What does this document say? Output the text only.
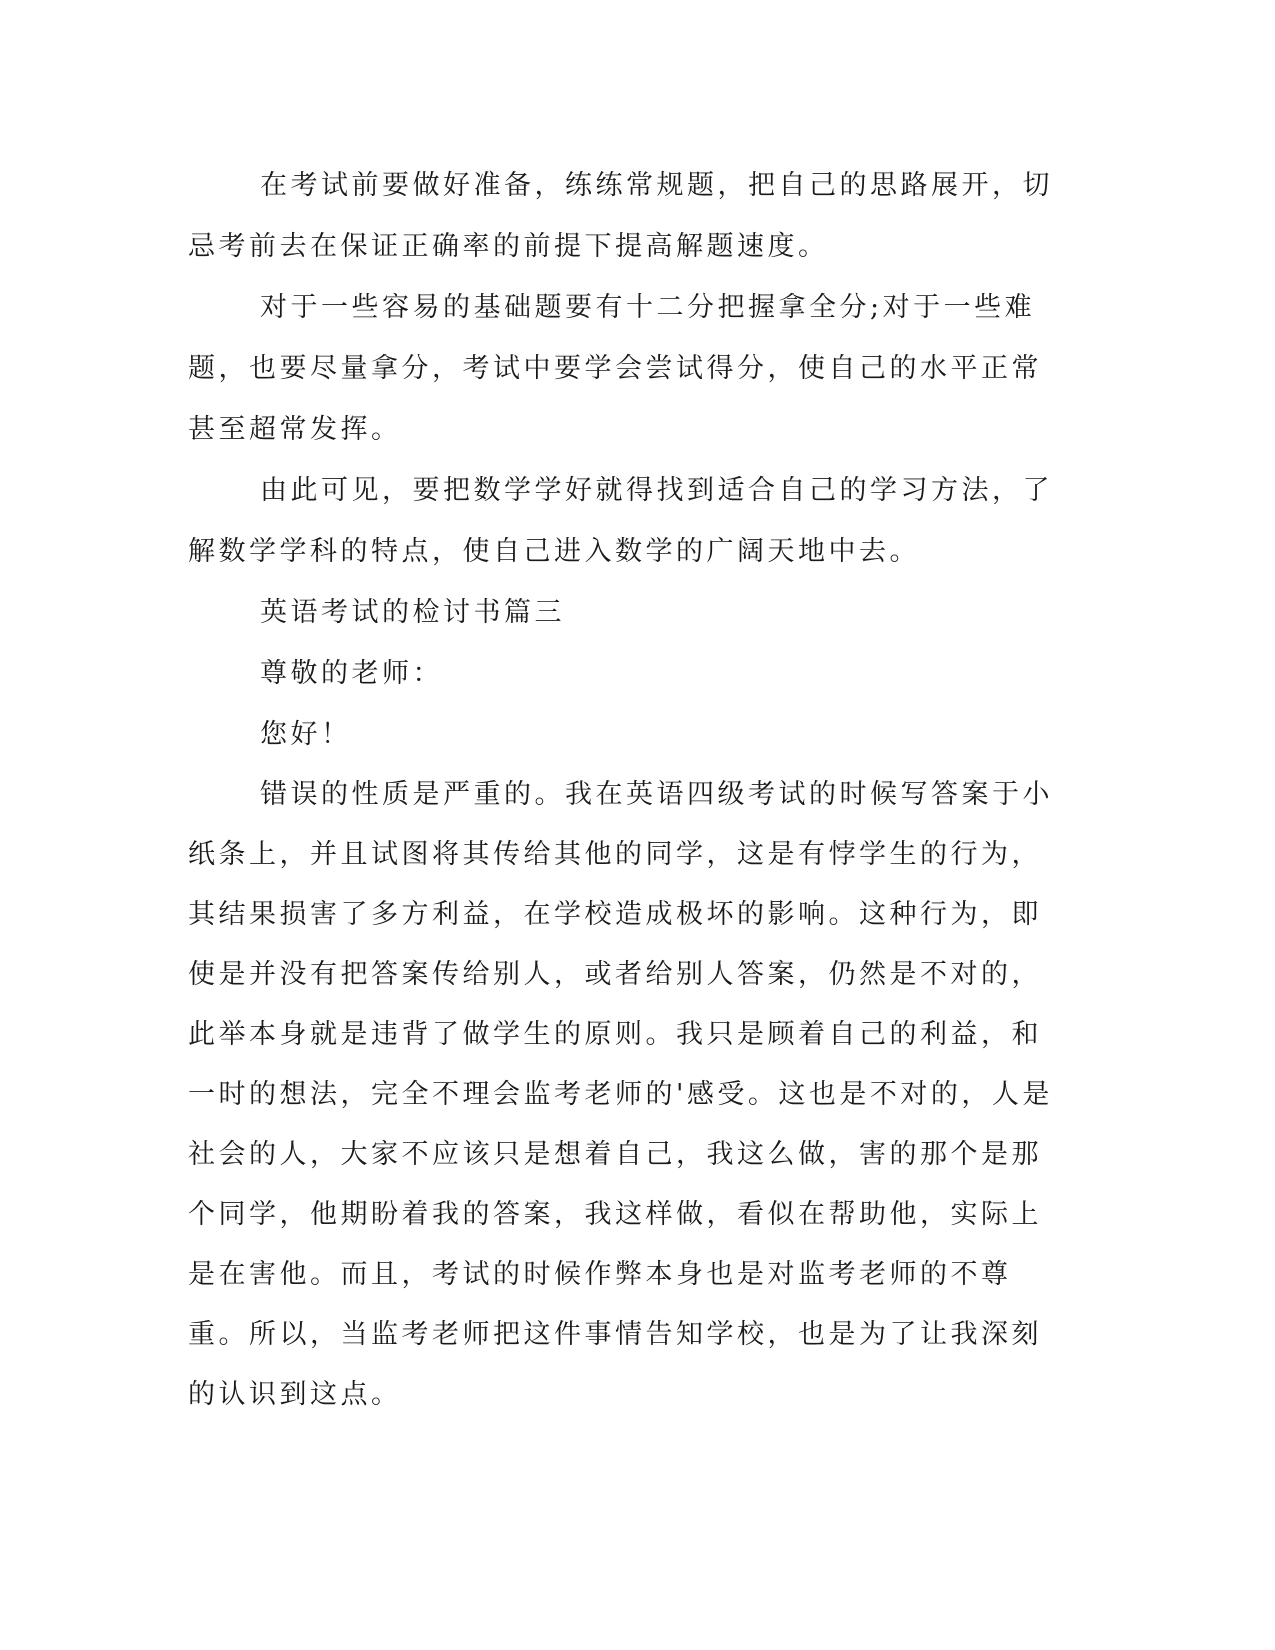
在考试前要做好准备，练练常规题，把自己的思路展开，切忌考前去在保证正确率的前提下提高解题速度。

对于一些容易的基础题要有十二分把握拿全分;对于一些难题，也要尽量拿分，考试中要学会尝试得分，使自己的水平正常甚至超常发挥。

由此可见，要把数学学好就得找到适合自己的学习方法，了解数学学科的特点，使自己进入数学的广阔天地中去。

英语考试的检讨书篇三

尊敬的老师：

您好！

错误的性质是严重的。我在英语四级考试的时候写答案于小纸条上，并且试图将其传给其他的同学，这是有悖学生的行为，其结果损害了多方利益，在学校造成极坏的影响。这种行为，即使是并没有把答案传给别人，或者给别人答案，仍然是不对的，此举本身就是违背了做学生的原则。我只是顾着自己的利益，和一时的想法，完全不理会监考老师的'感受。这也是不对的，人是社会的人，大家不应该只是想着自己，我这么做，害的那个是那个同学，他期盼着我的答案，我这样做，看似在帮助他，实际上是在害他。而且，考试的时候作弊本身也是对监考老师的不尊重。所以，当监考老师把这件事情告知学校，也是为了让我深刻的认识到这点。
